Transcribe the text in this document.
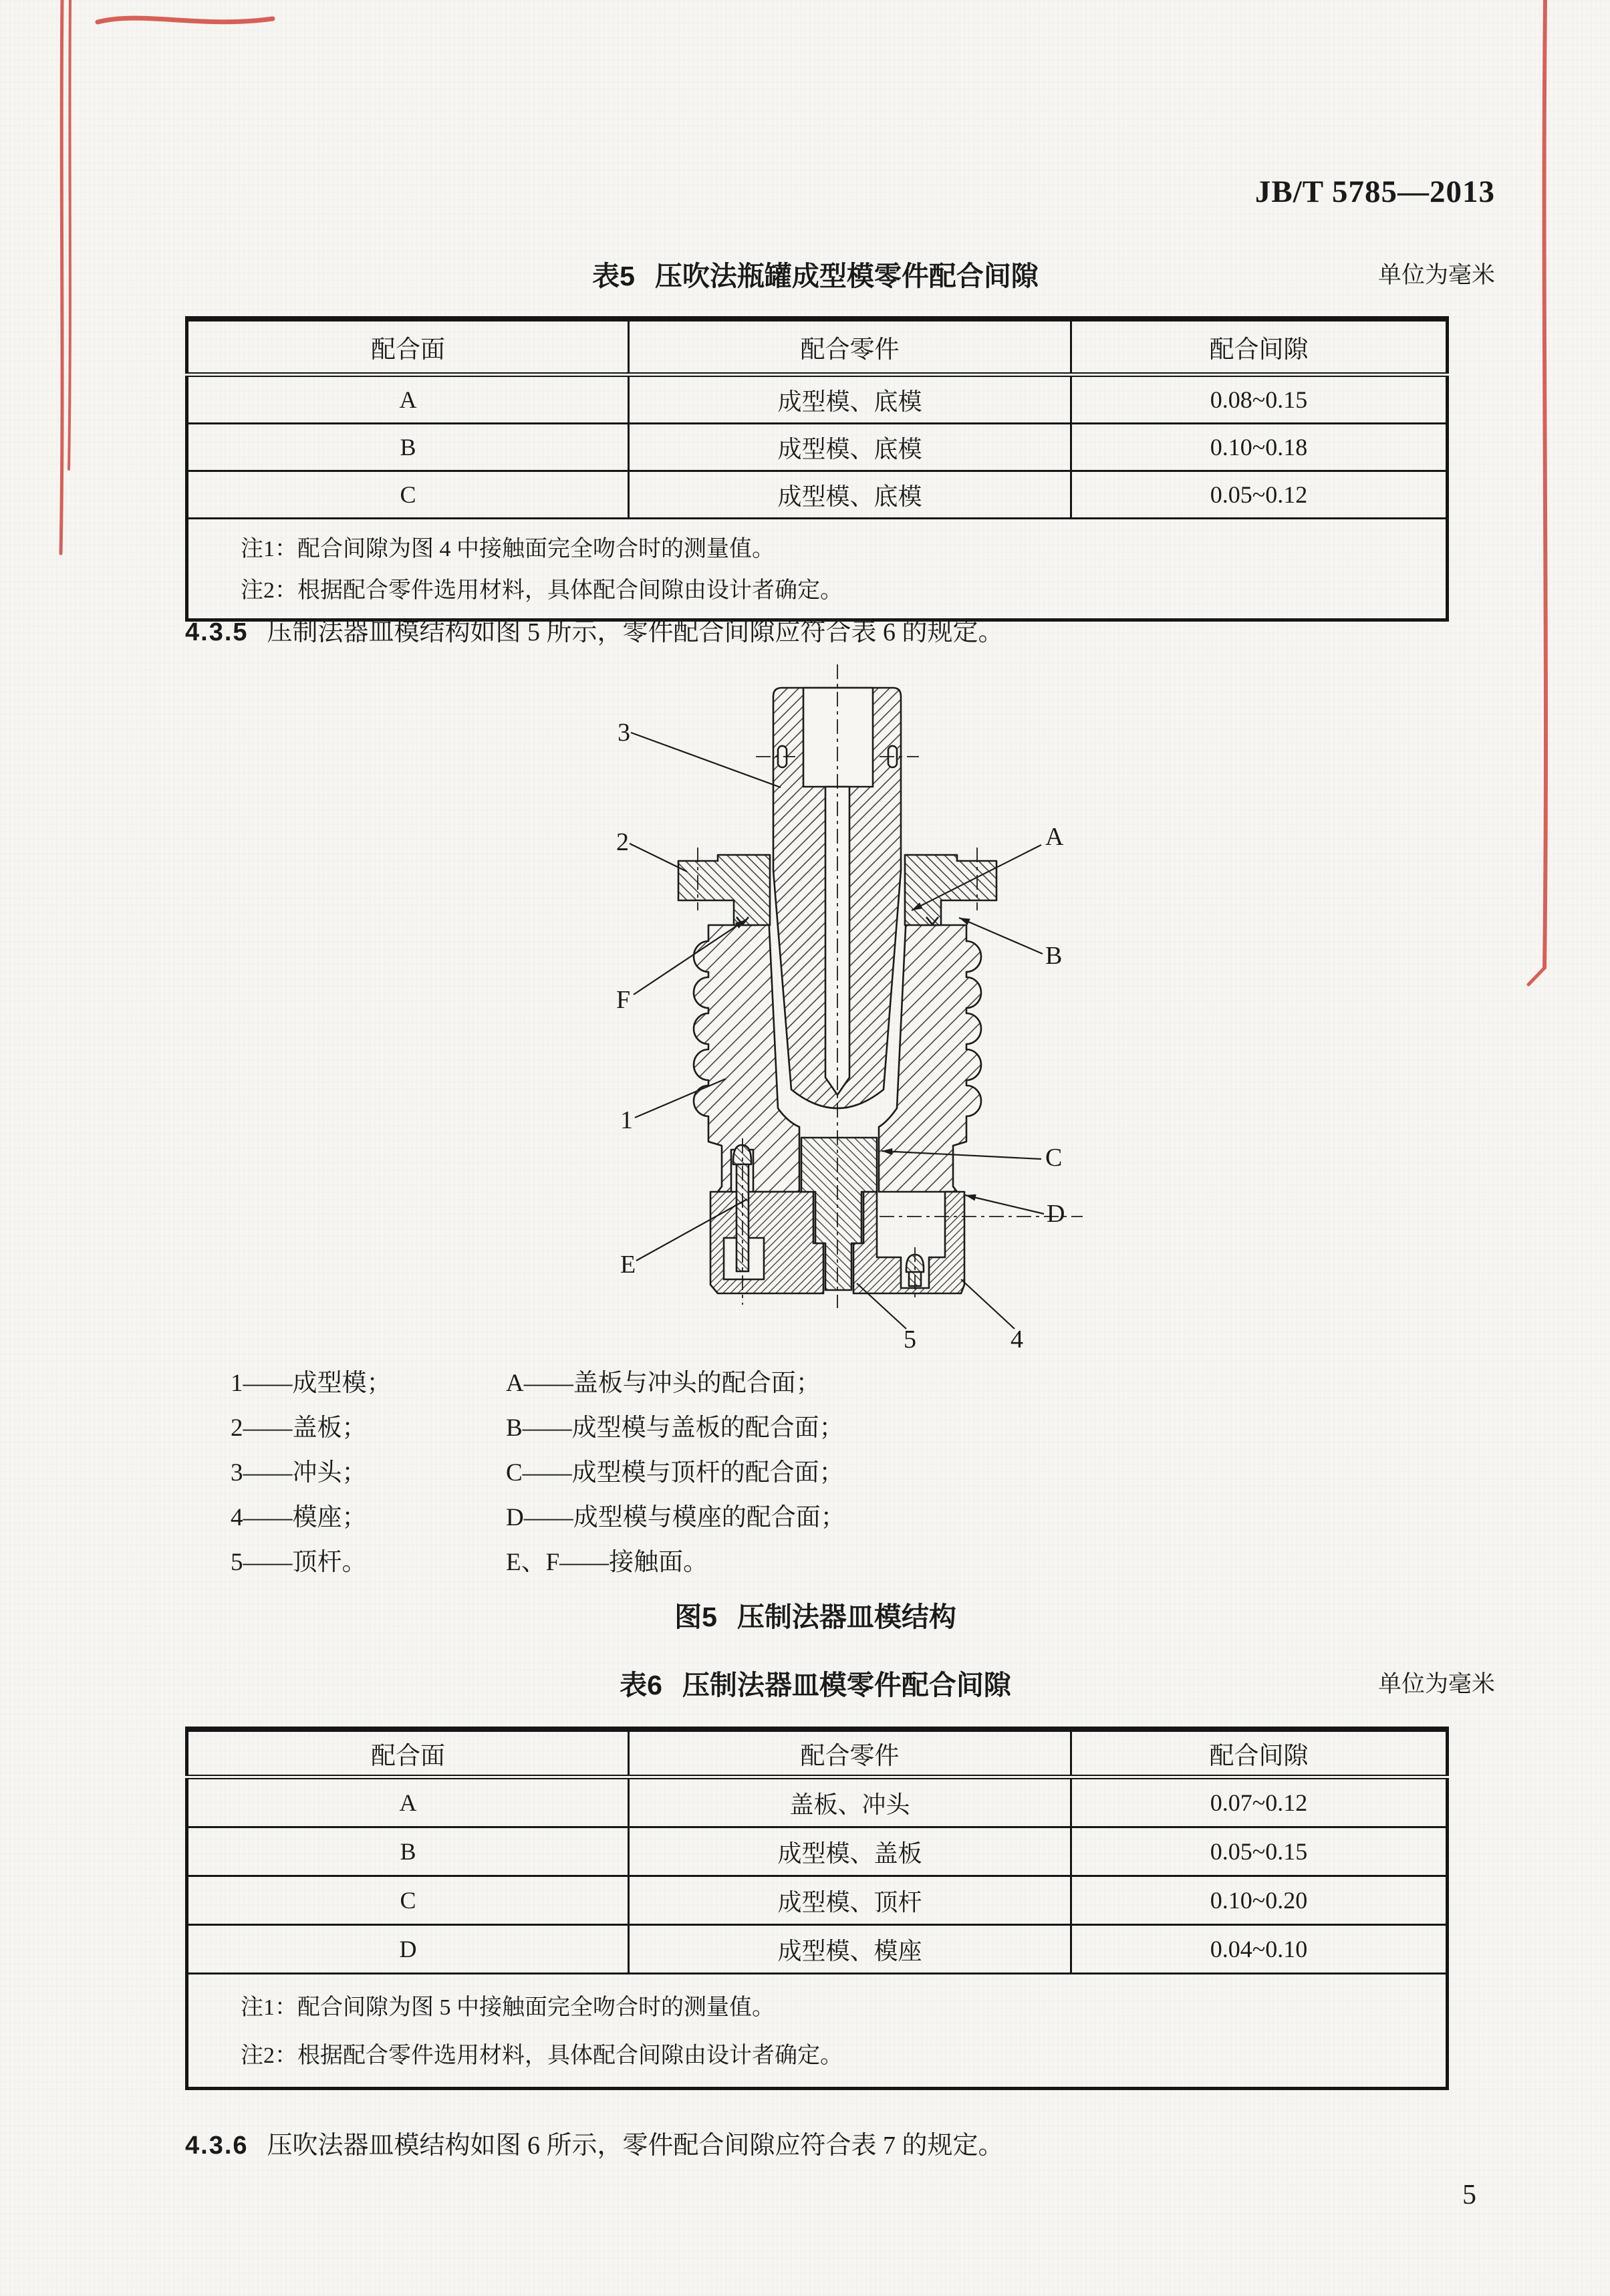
JB/T 5785—2013
表5 压吹法瓶罐成型模零件配合间隙	单位为毫米
配合面	配合零件	配合间隙
A	成型模、底模	0.08~0.15
B	成型模、底模	0.10~0.18
C	成型模、底模	0.05~0.12

注1：配合间隙为图 4 中接触面完全吻合时的测量值。
注2：根据配合零件选用材料，具体配合间隙由设计者确定。		
4.3.5 压制法器皿模结构如图 5 所示，零件配合间隙应符合表 6 的规定。
3
2	A
B
F
1
C
D
E
5	4
1——成型模；	A——盖板与冲头的配合面；
2——盖板；	B——成型模与盖板的配合面；
3——冲头；	C——成型模与顶杆的配合面；
4——模座；	D——成型模与模座的配合面；
5——顶杆。	E、F——接触面。
图5 压制法器皿模结构
表6 压制法器皿模零件配合间隙	单位为毫米
配合面	配合零件	配合间隙
A	盖板、冲头	0.07~0.12
B	成型模、盖板	0.05~0.15
C	成型模、顶杆	0.10~0.20
D	成型模、模座	0.04~0.10

注1：配合间隙为图 5 中接触面完全吻合时的测量值。
注2：根据配合零件选用材料，具体配合间隙由设计者确定。		
4.3.6 压吹法器皿模结构如图 6 所示，零件配合间隙应符合表 7 的规定。
5
